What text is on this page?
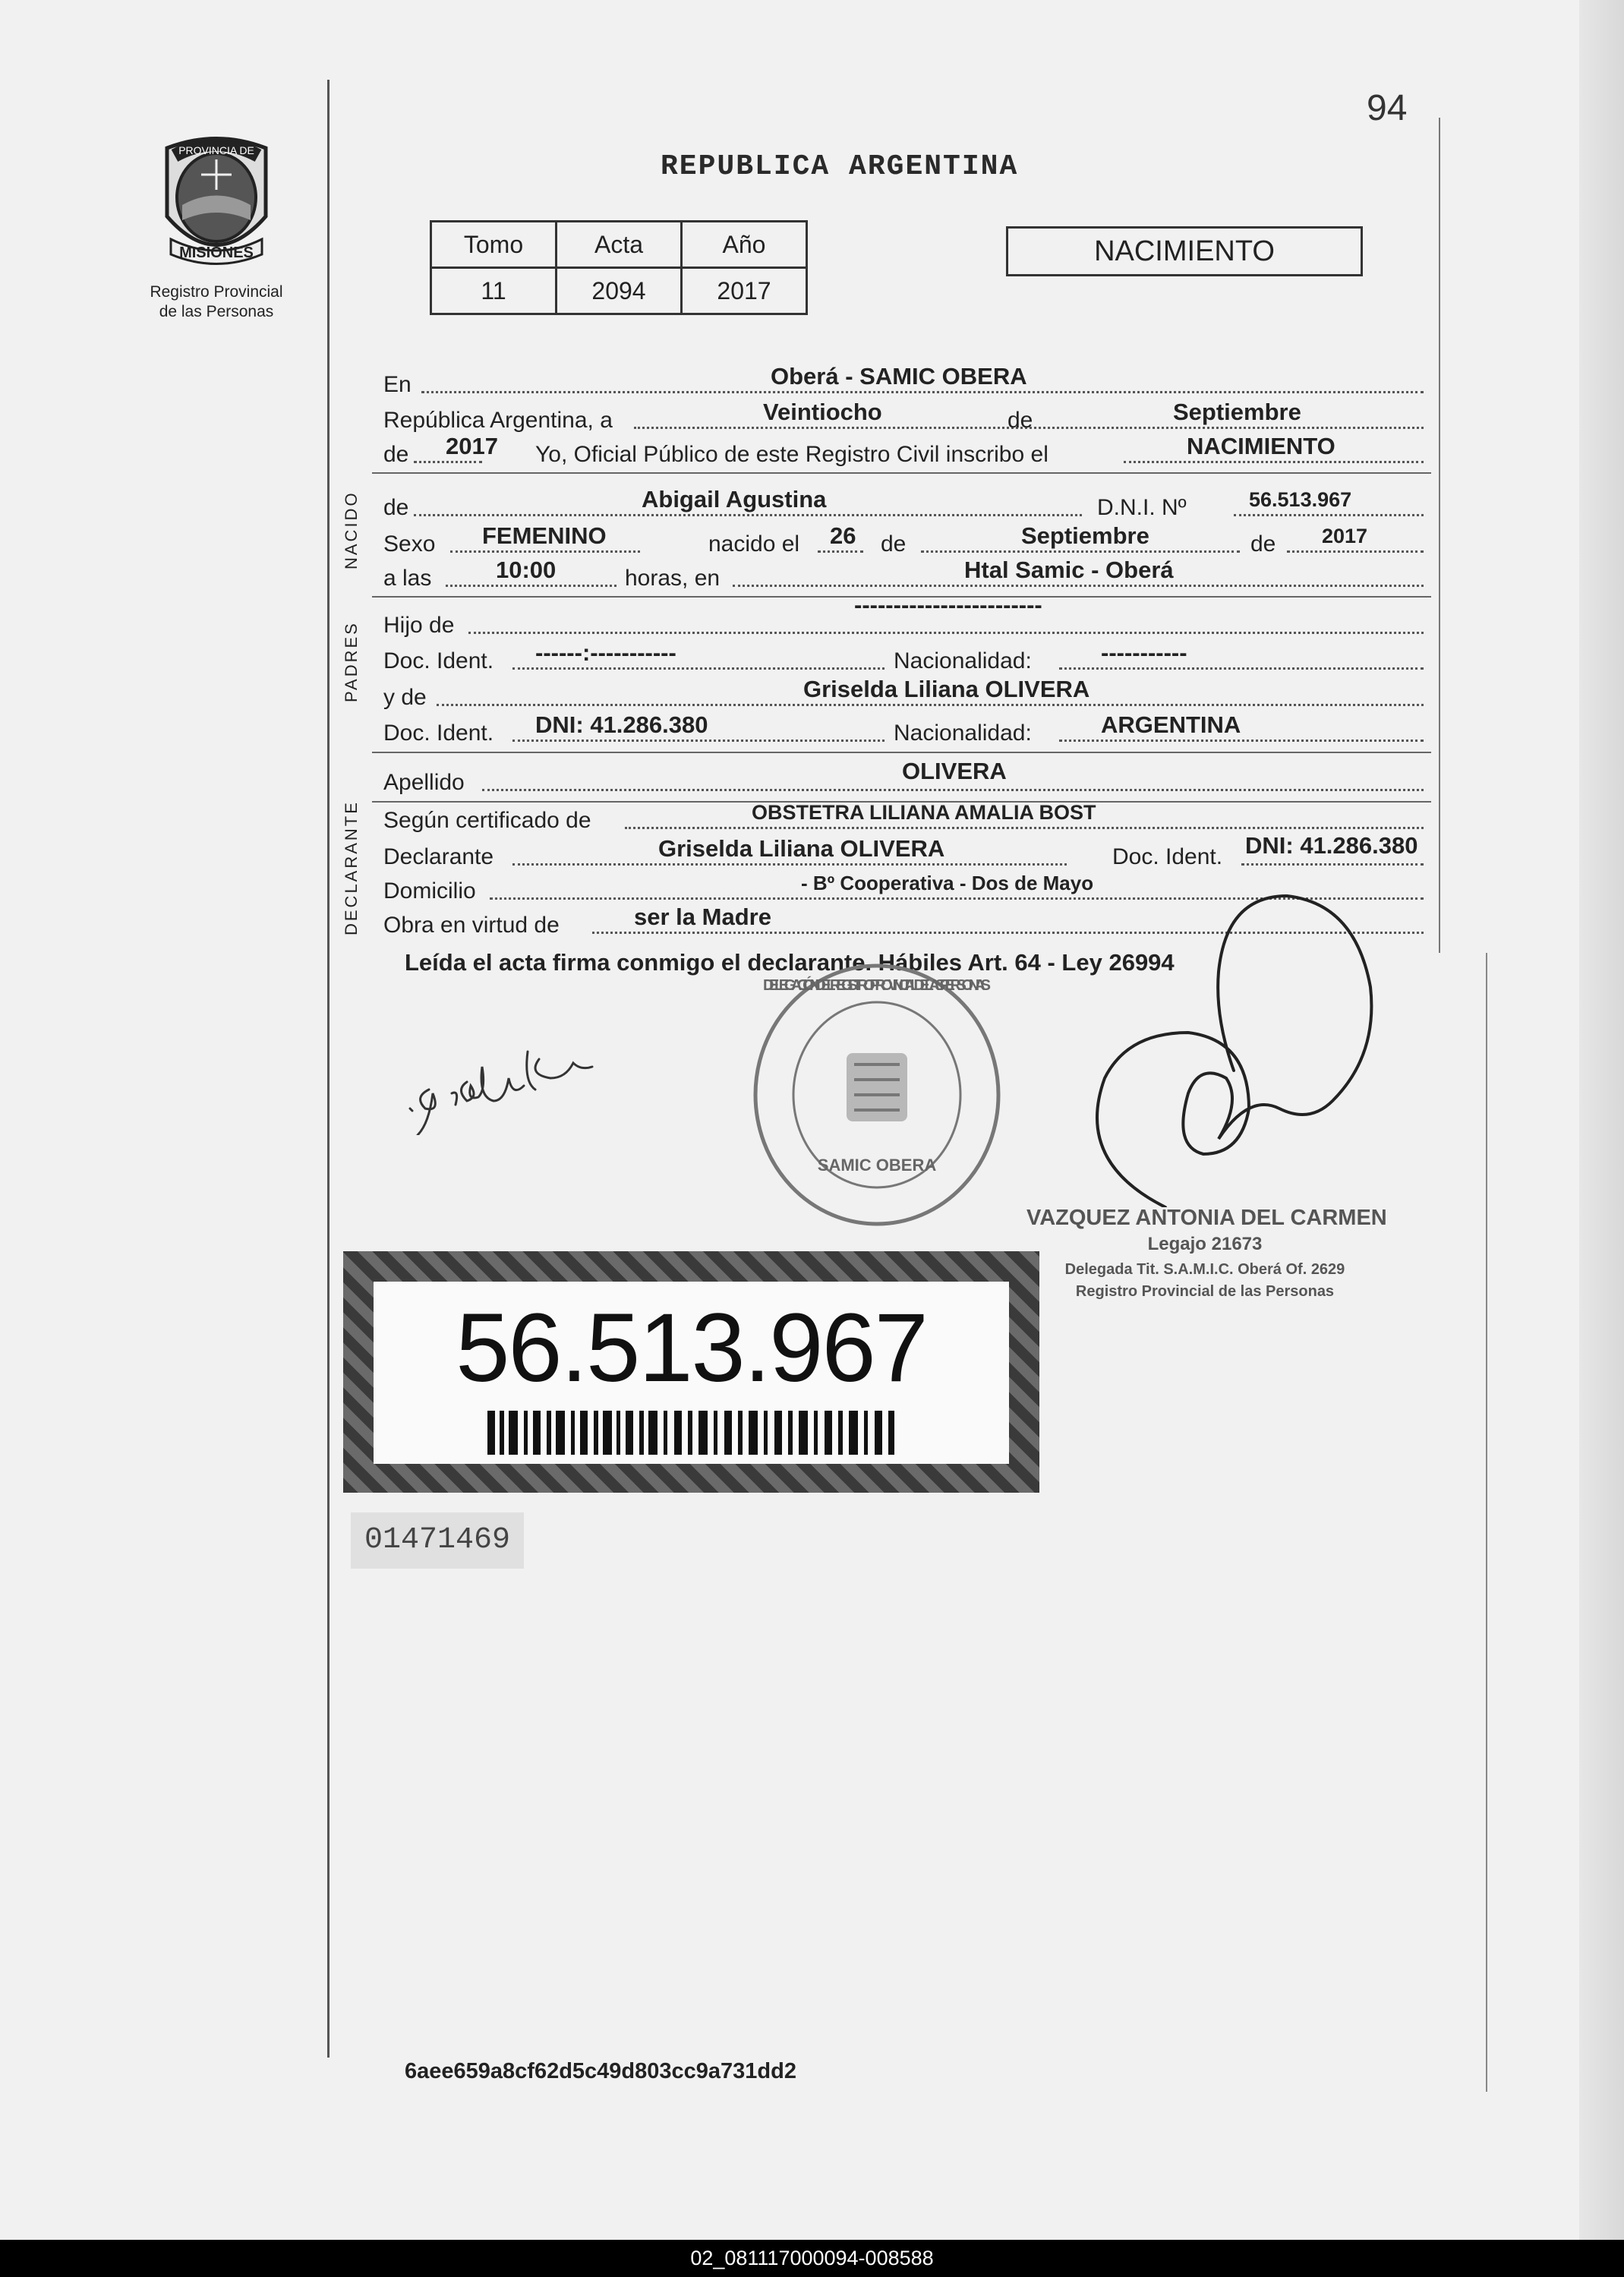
94
PROVINCIA DE
MISIONES
Registro Provincial
de las Personas
REPUBLICA ARGENTINA
Tomo	Acta	Año
11	2094	2017
NACIMIENTO
En	Oberá - SAMIC OBERA
República Argentina, a	Veintiocho	de	Septiembre
de 2017 Yo, Oficial Público de este Registro Civil inscribo el	NACIMIENTO
NACIDO de	Abigail Agustina	D.N.I. Nº	56.513.967
Sexo FEMENINO	nacido el 26 de	Septiembre	de 2017
a las	10:00	horas, en	Htal Samic - Oberá
PADRES Hijo de
------------------------
Doc. Ident. ------:-----------	Nacionalidad:	-----------
y de	Griselda Liliana OLIVERA
Doc. Ident. DNI: 41.286.380	Nacionalidad:	ARGENTINA
Apellido	OLIVERA
DECLARANTE Según certificado de	OBSTETRA LILIANA AMALIA BOST
Declarante	Griselda Liliana OLIVERA	Doc. Ident. DNI: 41.286.380
Domicilio	- Bº Cooperativa - Dos de Mayo
Obra en virtud de	ser la Madre
Leída el acta firma conmigo el declarante. Hábiles Art. 64 - Ley 26994
DELEGACIÓN DEL REGISTRO PROVINCIAL DE LAS PERSONAS
SAMIC OBERA
VAZQUEZ ANTONIA DEL CARMEN
Legajo 21673
Delegada Tit. S.A.M.I.C. Oberá Of. 2629
Registro Provincial de las Personas
56.513.967
01471469
6aee659a8cf62d5c49d803cc9a731dd2
02_081117000094-008588
